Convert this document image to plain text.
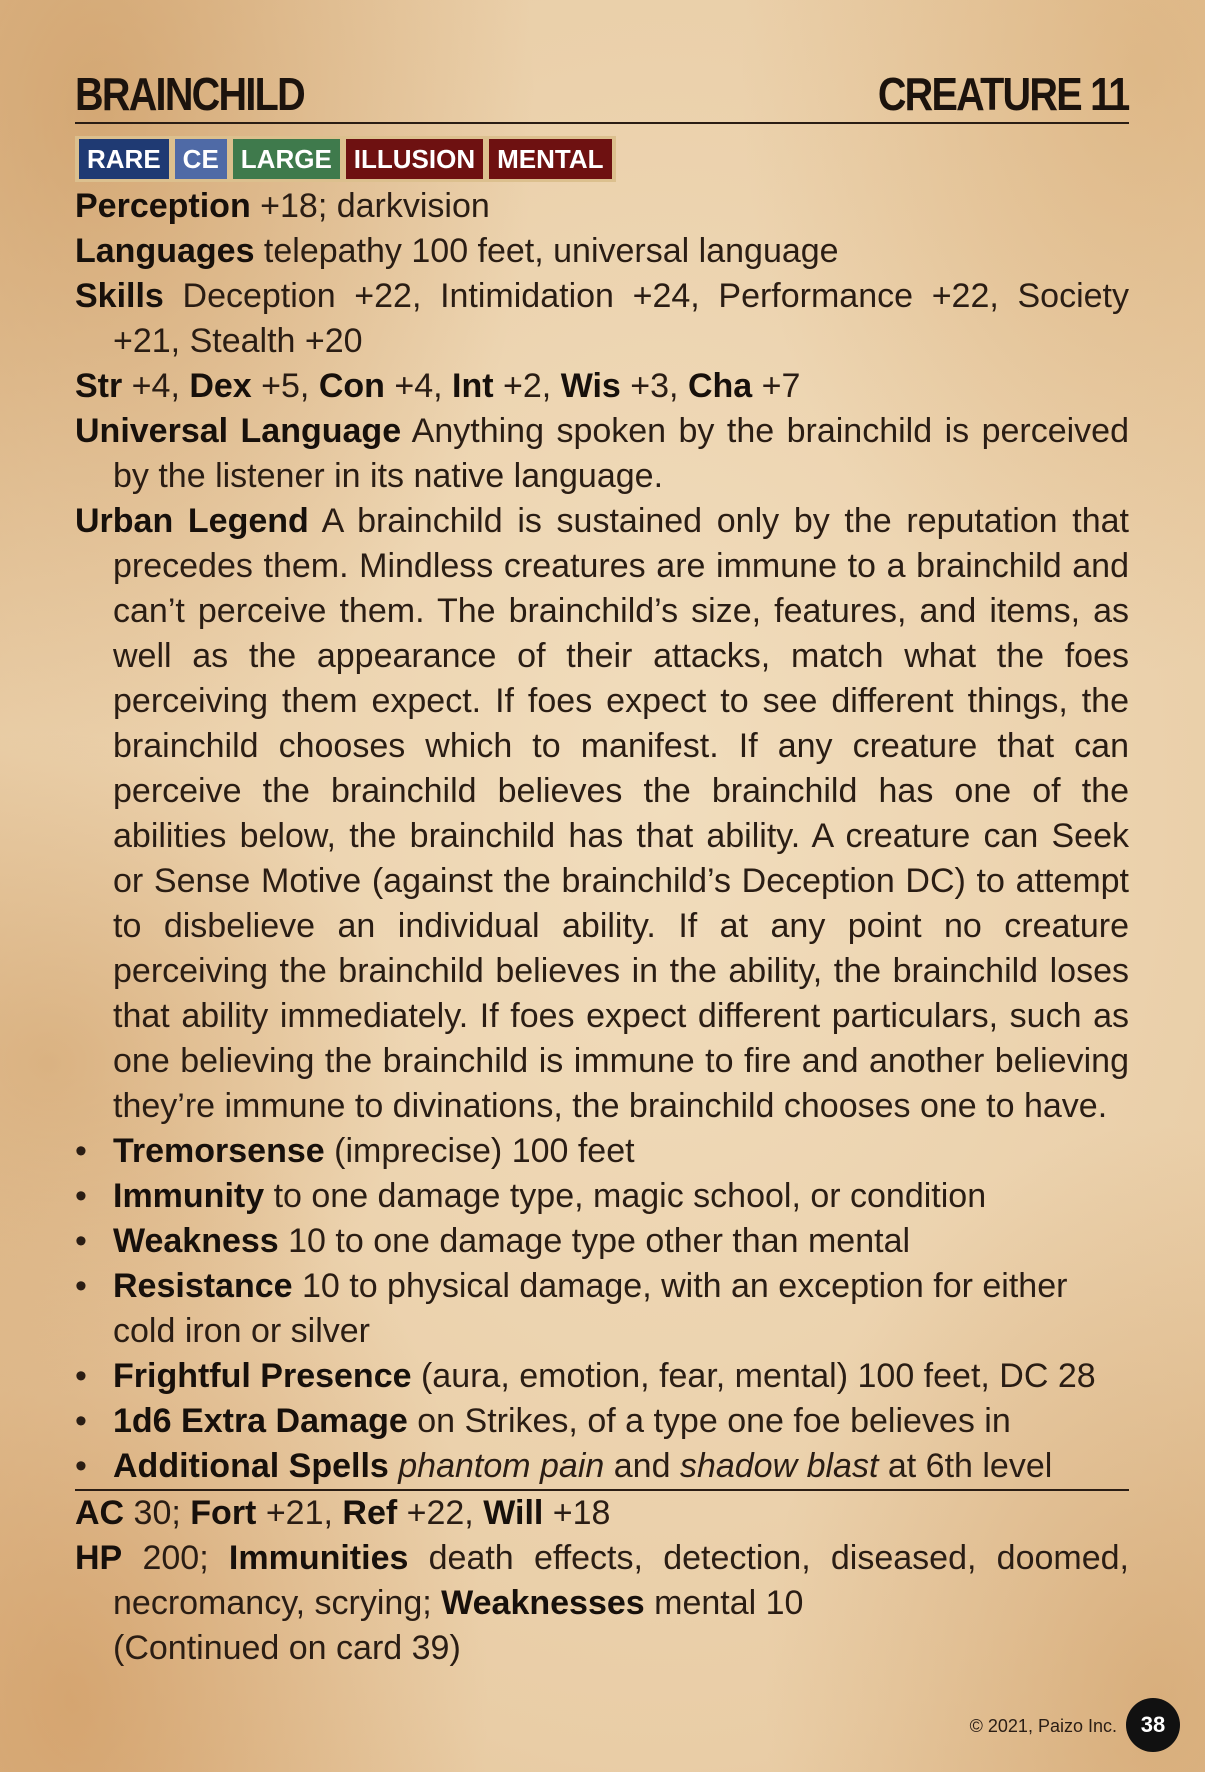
BRAINCHILD	CREATURE 11
RARE CE LARGE ILLUSION MENTAL

Perception +18; darkvision

Languages telepathy 100 feet, universal language

Skills Deception +22, Intimidation +24, Performance +22, Society +21, Stealth +20

Str +4, Dex +5, Con +4, Int +2, Wis +3, Cha +7

Universal Language Anything spoken by the brainchild is perceived by the listener in its native language.

Urban Legend A brainchild is sustained only by the reputation that precedes them. Mindless creatures are immune to a brainchild and can’t perceive them. The brainchild’s size, features, and items, as well as the appearance of their attacks, match what the foes perceiving them expect. If foes expect to see different things, the brainchild chooses which to manifest. If any creature that can perceive the brainchild believes the brainchild has one of the abilities below, the brainchild has that ability. A creature can Seek or Sense Motive (against the brainchild’s Deception DC) to attempt to disbelieve an individual ability. If at any point no creature perceiving the brainchild believes in the ability, the brainchild loses that ability immediately. If foes expect different particulars, such as one believing the brainchild is immune to fire and another believing they’re immune to divinations, the brainchild chooses one to have.

• Tremorsense (imprecise) 100 feet
• Immunity to one damage type, magic school, or condition
• Weakness 10 to one damage type other than mental
• Resistance 10 to physical damage, with an exception for either cold iron or silver
• Frightful Presence (aura, emotion, fear, mental) 100 feet, DC 28
• 1d6 Extra Damage on Strikes, of a type one foe believes in
• Additional Spells phantom pain and shadow blast at 6th level

AC 30; Fort +21, Ref +22, Will +18

HP 200; Immunities death effects, detection, diseased, doomed, necromancy, scrying; Weaknesses mental 10

(Continued on card 39)

© 2021, Paizo Inc.	38
